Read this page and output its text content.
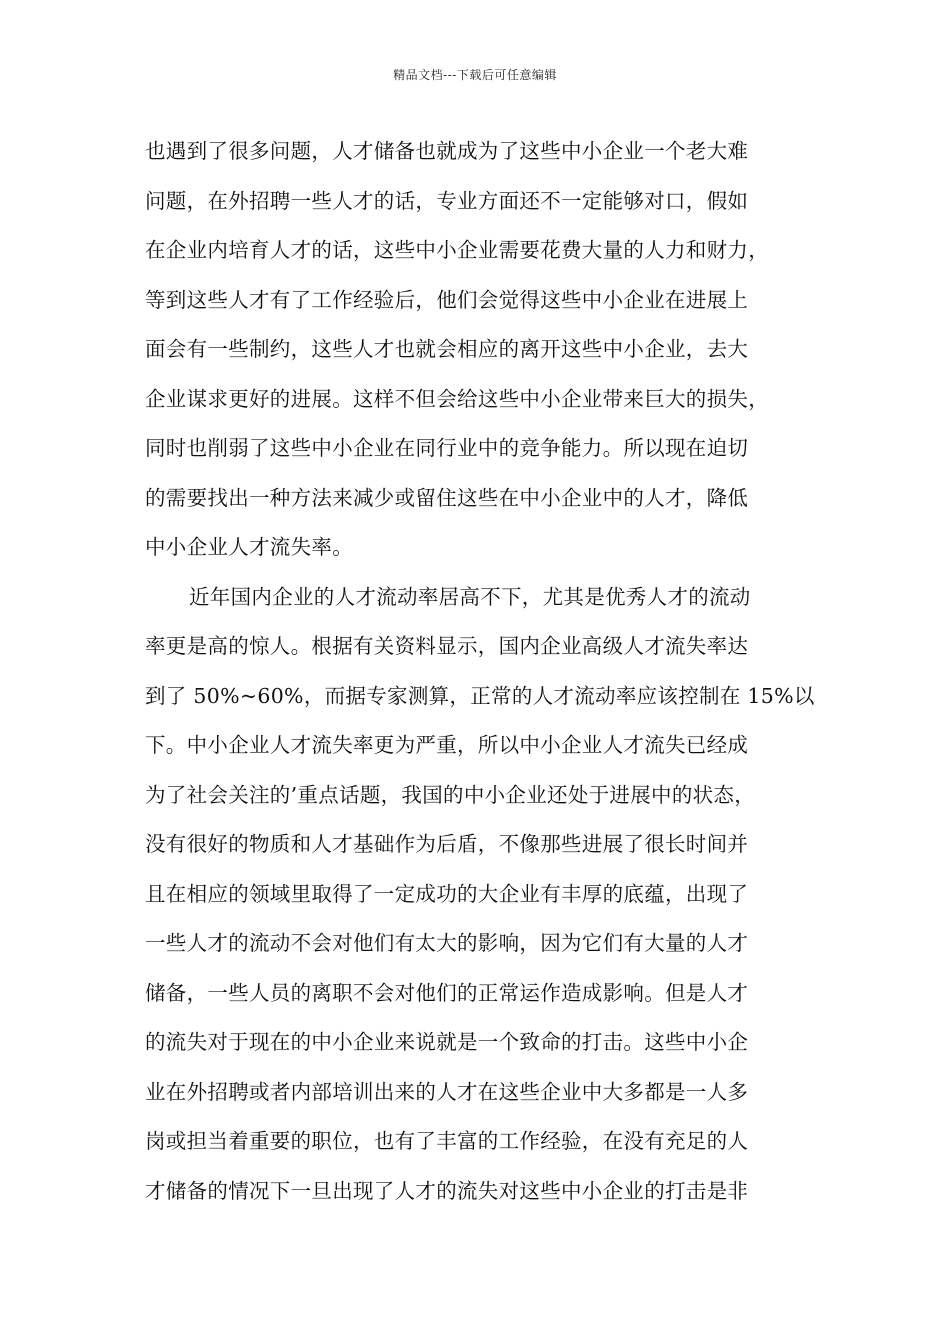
精品文档---下载后可任意编辑
也遇到了很多问题，人才储备也就成为了这些中小企业一个老大难
问题，在外招聘一些人才的话，专业方面还不一定能够对口，假如
在企业内培育人才的话，这些中小企业需要花费大量的人力和财力，
等到这些人才有了工作经验后，他们会觉得这些中小企业在进展上
面会有一些制约，这些人才也就会相应的离开这些中小企业，去大
企业谋求更好的进展。这样不但会给这些中小企业带来巨大的损失，
同时也削弱了这些中小企业在同行业中的竞争能力。所以现在迫切
的需要找出一种方法来减少或留住这些在中小企业中的人才，降低
中小企业人才流失率。
近年国内企业的人才流动率居高不下，尤其是优秀人才的流动
率更是高的惊人。根据有关资料显示，国内企业高级人才流失率达
到了 50%~60%，而据专家测算，正常的人才流动率应该控制在 15%以
下。中小企业人才流失率更为严重，所以中小企业人才流失已经成
为了社会关注的’重点话题，我国的中小企业还处于进展中的状态，
没有很好的物质和人才基础作为后盾，不像那些进展了很长时间并
且在相应的领域里取得了一定成功的大企业有丰厚的底蕴，出现了
一些人才的流动不会对他们有太大的影响，因为它们有大量的人才
储备，一些人员的离职不会对他们的正常运作造成影响。但是人才
的流失对于现在的中小企业来说就是一个致命的打击。这些中小企
业在外招聘或者内部培训出来的人才在这些企业中大多都是一人多
岗或担当着重要的职位，也有了丰富的工作经验，在没有充足的人
才储备的情况下一旦出现了人才的流失对这些中小企业的打击是非
